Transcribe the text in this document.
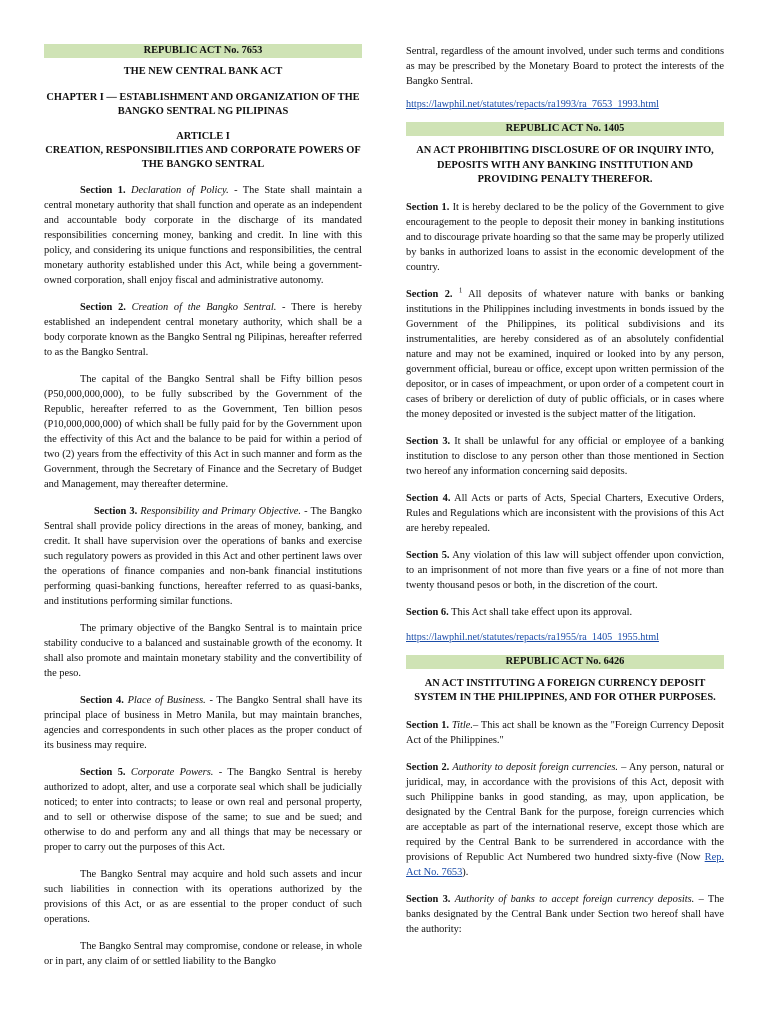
REPUBLIC ACT No. 7653
THE NEW CENTRAL BANK ACT
CHAPTER I — ESTABLISHMENT AND ORGANIZATION OF THE BANGKO SENTRAL NG PILIPINAS
ARTICLE I
CREATION, RESPONSIBILITIES AND CORPORATE POWERS OF THE BANGKO SENTRAL

Section 1. Declaration of Policy. - The State shall maintain a central monetary authority that shall function and operate as an independent and accountable body corporate in the discharge of its mandated responsibilities concerning money, banking and credit. In line with this policy, and considering its unique functions and responsibilities, the central monetary authority established under this Act, while being a government-owned corporation, shall enjoy fiscal and administrative autonomy.

Section 2. Creation of the Bangko Sentral. - There is hereby established an independent central monetary authority, which shall be a body corporate known as the Bangko Sentral ng Pilipinas, hereafter referred to as the Bangko Sentral.

The capital of the Bangko Sentral shall be Fifty billion pesos (P50,000,000,000), to be fully subscribed by the Government of the Republic, hereafter referred to as the Government, Ten billion pesos (P10,000,000,000) of which shall be fully paid for by the Government upon the effectivity of this Act and the balance to be paid for within a period of two (2) years from the effectivity of this Act in such manner and form as the Government, through the Secretary of Finance and the Secretary of Budget and Management, may thereafter determine.

Section 3. Responsibility and Primary Objective. - The Bangko Sentral shall provide policy directions in the areas of money, banking, and credit. It shall have supervision over the operations of banks and exercise such regulatory powers as provided in this Act and other pertinent laws over the operations of finance companies and non-bank financial institutions performing quasi-banking functions, hereafter referred to as quasi-banks, and institutions performing similar functions.

The primary objective of the Bangko Sentral is to maintain price stability conducive to a balanced and sustainable growth of the economy. It shall also promote and maintain monetary stability and the convertibility of the peso.

Section 4. Place of Business. - The Bangko Sentral shall have its principal place of business in Metro Manila, but may maintain branches, agencies and correspondents in such other places as the proper conduct of its business may require.

Section 5. Corporate Powers. - The Bangko Sentral is hereby authorized to adopt, alter, and use a corporate seal which shall be judicially noticed; to enter into contracts; to lease or own real and personal property, and to sell or otherwise dispose of the same; to sue and be sued; and otherwise to do and perform any and all things that may be necessary or proper to carry out the purposes of this Act.

The Bangko Sentral may acquire and hold such assets and incur such liabilities in connection with its operations authorized by the provisions of this Act, or as are essential to the proper conduct of such operations.

The Bangko Sentral may compromise, condone or release, in whole or in part, any claim of or settled liability to the Bangko

Sentral, regardless of the amount involved, under such terms and conditions as may be prescribed by the Monetary Board to protect the interests of the Bangko Sentral.

https://lawphil.net/statutes/repacts/ra1993/ra_7653_1993.html
REPUBLIC ACT No. 1405
AN ACT PROHIBITING DISCLOSURE OF OR INQUIRY INTO, DEPOSITS WITH ANY BANKING INSTITUTION AND PROVIDING PENALTY THEREFOR.

Section 1. It is hereby declared to be the policy of the Government to give encouragement to the people to deposit their money in banking institutions and to discourage private hoarding so that the same may be properly utilized by banks in authorized loans to assist in the economic development of the country.

Section 2. $^1$ All deposits of whatever nature with banks or banking institutions in the Philippines including investments in bonds issued by the Government of the Philippines, its political subdivisions and its instrumentalities, are hereby considered as of an absolutely confidential nature and may not be examined, inquired or looked into by any person, government official, bureau or office, except upon written permission of the depositor, or in cases of impeachment, or upon order of a competent court in cases of bribery or dereliction of duty of public officials, or in cases where the money deposited or invested is the subject matter of the litigation.

Section 3. It shall be unlawful for any official or employee of a banking institution to disclose to any person other than those mentioned in Section two hereof any information concerning said deposits.

Section 4. All Acts or parts of Acts, Special Charters, Executive Orders, Rules and Regulations which are inconsistent with the provisions of this Act are hereby repealed.

Section 5. Any violation of this law will subject offender upon conviction, to an imprisonment of not more than five years or a fine of not more than twenty thousand pesos or both, in the discretion of the court.

Section 6. This Act shall take effect upon its approval.

https://lawphil.net/statutes/repacts/ra1955/ra_1405_1955.html
REPUBLIC ACT No. 6426
AN ACT INSTITUTING A FOREIGN CURRENCY DEPOSIT SYSTEM IN THE PHILIPPINES, AND FOR OTHER PURPOSES.

Section 1. Title.– This act shall be known as the "Foreign Currency Deposit Act of the Philippines."

Section 2. Authority to deposit foreign currencies. – Any person, natural or juridical, may, in accordance with the provisions of this Act, deposit with such Philippine banks in good standing, as may, upon application, be designated by the Central Bank for the purpose, foreign currencies which are acceptable as part of the international reserve, except those which are required by the Central Bank to be surrendered in accordance with the provisions of Republic Act Numbered two hundred sixty-five (Now Rep. Act No. 7653).

Section 3. Authority of banks to accept foreign currency deposits. – The banks designated by the Central Bank under Section two hereof shall have the authority:
